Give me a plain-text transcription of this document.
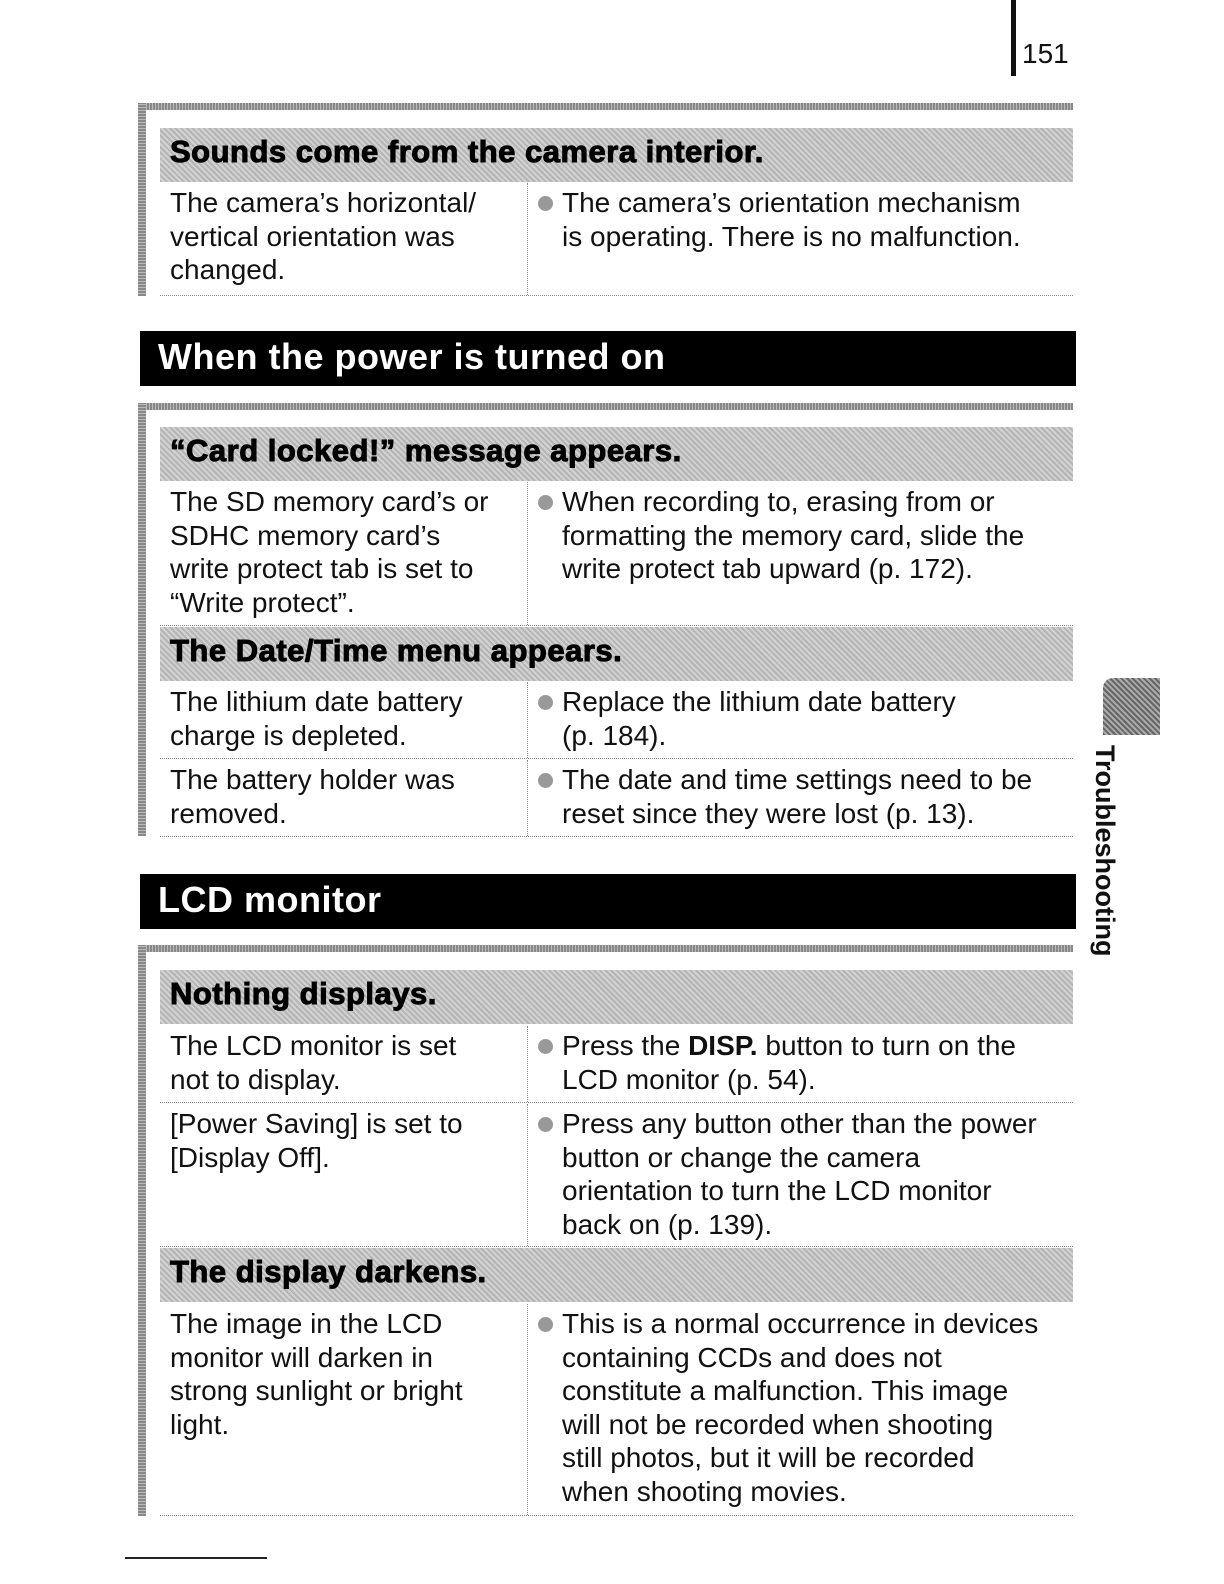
151
Sounds come from the camera interior.
The camera’s horizontal/
vertical orientation was
changed.
The camera’s orientation mechanism
is operating. There is no malfunction.
When the power is turned on
“Card locked!” message appears.
The SD memory card’s or
SDHC memory card’s
write protect tab is set to
“Write protect”.
When recording to, erasing from or
formatting the memory card, slide the
write protect tab upward (p. 172).
The Date/Time menu appears.
The lithium date battery
charge is depleted.
Replace the lithium date battery
(p. 184).
The battery holder was
removed.
The date and time settings need to be
reset since they were lost (p. 13).
LCD monitor
Nothing displays.
The LCD monitor is set
not to display.
Press the DISP. button to turn on the
LCD monitor (p. 54).
[Power Saving] is set to
[Display Off].
Press any button other than the power
button or change the camera
orientation to turn the LCD monitor
back on (p. 139).
The display darkens.
The image in the LCD
monitor will darken in
strong sunlight or bright
light.
This is a normal occurrence in devices
containing CCDs and does not
constitute a malfunction. This image
will not be recorded when shooting
still photos, but it will be recorded
when shooting movies.
Troubleshooting
